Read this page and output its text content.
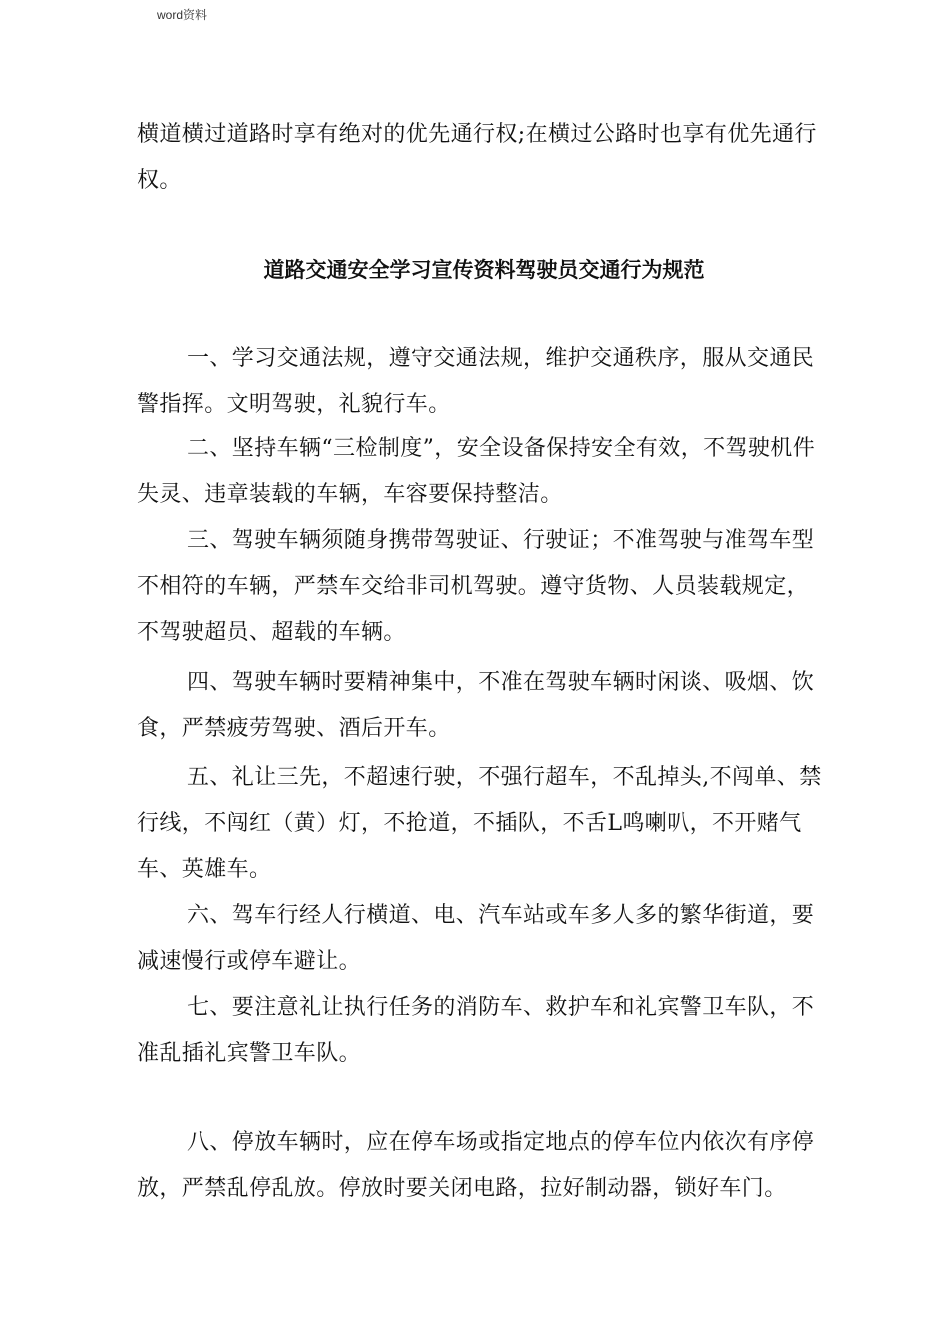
word资料

横道横过道路时享有绝对的优先通行权;在横过公路时也享有优先通行权。

道路交通安全学习宣传资料驾驶员交通行为规范

一、学习交通法规，遵守交通法规，维护交通秩序，服从交通民警指挥。文明驾驶，礼貌行车。

二、坚持车辆“三检制度”，安全设备保持安全有效，不驾驶机件失灵、违章装载的车辆，车容要保持整洁。

三、驾驶车辆须随身携带驾驶证、行驶证；不准驾驶与准驾车型不相符的车辆，严禁车交给非司机驾驶。遵守货物、人员装载规定，不驾驶超员、超载的车辆。

四、驾驶车辆时要精神集中，不准在驾驶车辆时闲谈、吸烟、饮食，严禁疲劳驾驶、酒后开车。

五、礼让三先，不超速行驶，不强行超车，不乱掉头,不闯单、禁行线，不闯红（黄）灯，不抢道，不插队，不舌L鸣喇叭，不开赌气车、英雄车。

六、驾车行经人行横道、电、汽车站或车多人多的繁华街道，要减速慢行或停车避让。

七、要注意礼让执行任务的消防车、救护车和礼宾警卫车队，不准乱插礼宾警卫车队。

八、停放车辆时，应在停车场或指定地点的停车位内依次有序停放，严禁乱停乱放。停放时要关闭电路，拉好制动器，锁好车门。
